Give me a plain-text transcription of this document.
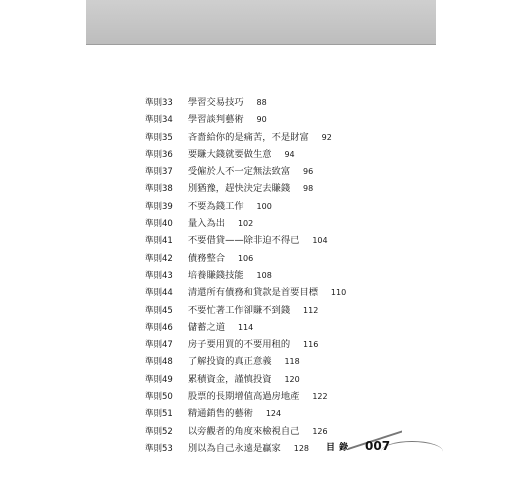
準則33 學習交易技巧 88
準則34 學習談判藝術 90
準則35 吝嗇給你的是痛苦，不是財富 92
準則36 要賺大錢就要做生意 94
準則37 受僱於人不一定無法致富 96
準則38 別猶豫，趕快決定去賺錢 98
準則39 不要為錢工作 100
準則40 量入為出 102
準則41 不要借貸——除非迫不得已 104
準則42 債務整合 106
準則43 培養賺錢技能 108
準則44 清還所有債務和貸款是首要目標 110
準則45 不要忙著工作卻賺不到錢 112
準則46 儲蓄之道 114
準則47 房子要用買的不要用租的 116
準則48 了解投資的真正意義 118
準則49 累積資金，謹慎投資 120
準則50 股票的長期增值高過房地產 122
準則51 精通銷售的藝術 124
準則52 以旁觀者的角度來檢視自己 126
準則53 別以為自己永遠是贏家 128	目 錄 007
